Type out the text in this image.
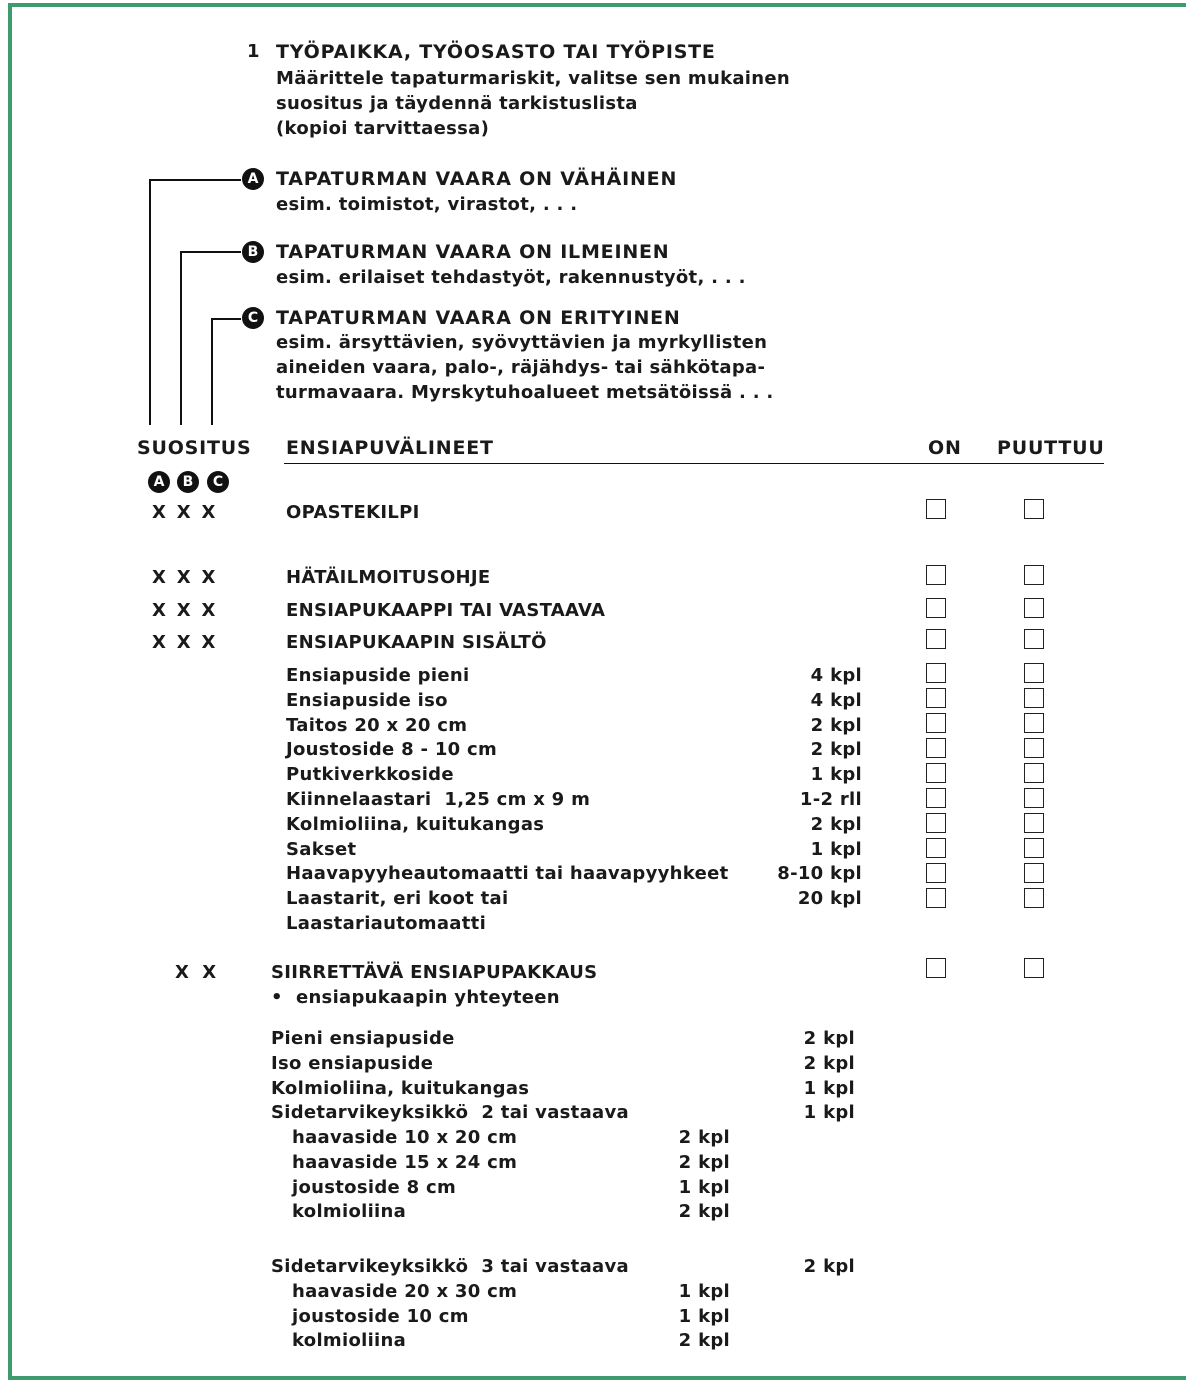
1 TYÖPAIKKA, TYÖOSASTO TAI TYÖPISTE
Määrittele tapaturmariskit, valitse sen mukainen
suositus ja täydennä tarkistuslista
(kopioi tarvittaessa)
A TAPATURMAN VAARA ON VÄHÄINEN
esim. toimistot, virastot, . . .
B TAPATURMAN VAARA ON ILMEINEN
esim. erilaiset tehdastyöt, rakennustyöt, . . .
C TAPATURMAN VAARA ON ERITYINEN
esim. ärsyttävien, syövyttävien ja myrkyllisten
aineiden vaara, palo-, räjähdys- tai sähkötapa-
turmavaara. Myrskytuhoalueet metsätöissä . . .
SUOSITUS ENSIAPUVÄLINEET	ON PUUTTUU
A	B	C
X X X	OPASTEKILPI
X X X	HÄTÄILMOITUSOHJE
X X X	ENSIAPUKAAPPI TAI VASTAAVA
X X X	ENSIAPUKAAPIN SISÄLTÖ
Ensiapuside pieni	4 kpl
Ensiapuside iso	4 kpl
Taitos 20 x 20 cm	2 kpl
Joustoside 8 - 10 cm	2 kpl
Putkiverkkoside	1 kpl
Kiinnelaastari  1,25 cm x 9 m	1-2 rll
Kolmioliina, kuitukangas	2 kpl
Sakset	1 kpl
Haavapyyheautomaatti tai haavapyyhkeet	8-10 kpl
Laastarit, eri koot tai	20 kpl
Laastariautomaatti
X  X	SIIRRETTÄVÄ ENSIAPUPAKKAUS
•  ensiapukaapin yhteyteen
Pieni ensiapuside	2 kpl
Iso ensiapuside	2 kpl
Kolmioliina, kuitukangas	1 kpl
Sidetarvikeyksikkö  2 tai vastaava	1 kpl
haavaside 10 x 20 cm	2 kpl
haavaside 15 x 24 cm	2 kpl
joustoside 8 cm	1 kpl
kolmioliina	2 kpl
Sidetarvikeyksikkö  3 tai vastaava	2 kpl
haavaside 20 x 30 cm	1 kpl
joustoside 10 cm	1 kpl
kolmioliina	2 kpl
